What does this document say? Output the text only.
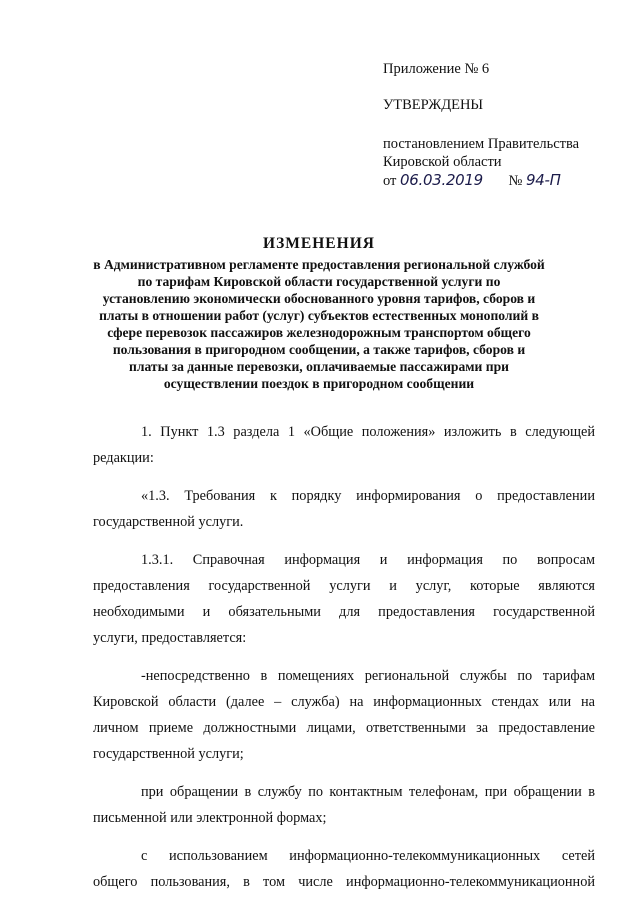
Приложение № 6
УТВЕРЖДЕНЫ
постановлением Правительства
Кировской области
от 06.03.2019 № 94-П
ИЗМЕНЕНИЯ
в Административном регламенте предоставления региональной службой
по тарифам Кировской области государственной услуги по
установлению экономически обоснованного уровня тарифов, сборов и
платы в отношении работ (услуг) субъектов естественных монополий в
сфере перевозок пассажиров железнодорожным транспортом общего
пользования в пригородном сообщении, а также тарифов, сборов и
платы за данные перевозки, оплачиваемые пассажирами при
осуществлении поездок в пригородном сообщении

1. Пункт 1.3 раздела 1 «Общие положения» изложить в следующей
редакции:

«1.3. Требования к порядку информирования о предоставлении
государственной услуги.

1.3.1. Справочная информация и информация по вопросам
предоставления государственной услуги и услуг, которые являются
необходимыми и обязательными для предоставления государственной
услуги, предоставляется:

-непосредственно в помещениях региональной службы по тарифам
Кировской области (далее – служба) на информационных стендах или на
личном приеме должностными лицами, ответственными за предоставление
государственной услуги;

при обращении в службу по контактным телефонам, при обращении в
письменной или электронной формах;

с использованием информационно-телекоммуникационных сетей
общего пользования, в том числе информационно-телекоммуникационной
